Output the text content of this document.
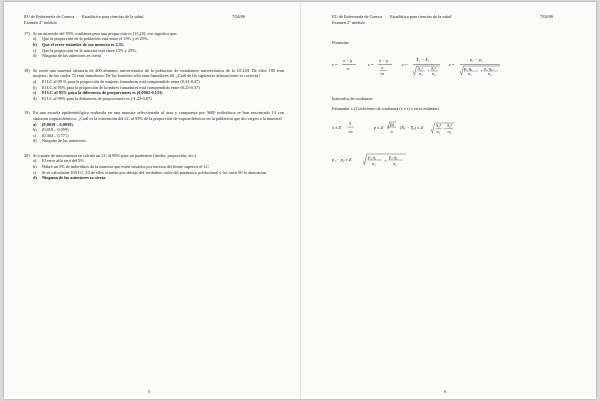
EU de Enfermería de Cuenca Estadística para ciencias de la salud	7/04/06
Examen 2º módulo
17) Si un intervalo del 95% confianza para una proporción es [15,25], eso significa que:
a)	Que la proporción de la población está entre el 15% y el 25%.
b)	Que el error estándar de esa muestra es 2,55.
c)	Que la proporción en la muestra está entre 15% y 25%.
d)	Ninguna de las anteriores es cierta
18) Se tomó una muestra aleatoria de 400 alumnos universitarios de la población de estudiantes universitarios de la UCLM. De ellos 180 eran mujeres, de las cuales 72 eran fumadoras. De los hombres sólo eran fumadores 66. ¿Cuál de las siguientes afirmaciones es correcta?
a)	El LC al 99 % para la proporción de mujeres fumadoras está comprendido entre (0,32-0,47)
b)	El LC al 95% para la proporción de hombres fumadores está comprendido entre (0,25-0,37)
c)	El LC al 95% para la diferencia de proporciones es (0,0062-0,153)
d)	El LC al 99% para la diferencia de proporciones es (-1,23-0,87)
19) En una escuela epidemiológica realizada en una muestra seleccionada al azar y compuesta por 3600 individuos se han encontrado 14 con síntomas esquizofrénicos. ¿Cuál es la estimación del LC al 95% de la proporción de esquizofrénicos en la población que dio origen a la muestra?
a)	(0,0019 – 0,0059)
b)	(0,019 – 0,059)
c)	(0,364 – 0,771)
d)	Ninguna de las anteriores
20) Si a partir de una muestra se calcula un LC al 90% para un parámetro (media, proporción, etc.)
a)	El error alfa será del 5%
b)	Habrá un 5% de individuos de la muestra que estén situados por encima del límite superior el LC.
c)	Si se calculasen 100 LC, 10 de ellos estarían por debajo del verdadero valor del parámetro poblacional y los otros 90 lo abarcarían.
d)	Ninguna de las anteriores es cierta.
5
EU de Enfermería de Cuenca Estadística para ciencias de la salud	7/04/06
Examen 2º módulo
Fórmulas:
z =
x − μ
σ
z =
x̄ − μ
σ
√n
z =
X̄₁ − X̄₂
S₁²
n₁
+ S₂²
n₂
z =
p₁ − p₂
p₁·q₁
n₁
+ p₂·q₂
n₂
Intervalos de confianza:
Estimador ± (Coeficiente de confianza (z ó t) x error estándar)
x̄ ± Z
S
√n
p ± Z
pq
n
(X̄₁ − X̄₂) ± Z	S₁²
n₁
+
S₂²
n₂
p₁ − p₂ ± Z	p₁·q₁
n₁
+
p₂·q₂
n₂
6
